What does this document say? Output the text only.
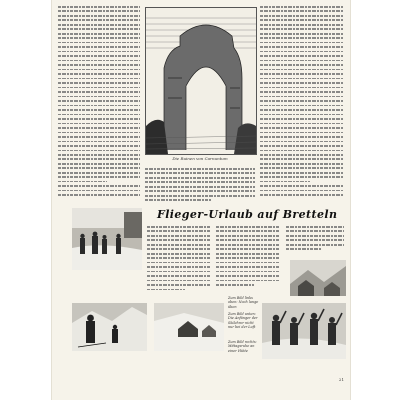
Die Ruinen von Carnuntum
Flieger-Urlaub auf Bretteln
Zum Bild links oben: Noch lange üben
Zum Bild unten: Die Anfänger der Skilehrer nicht nur bei der Luft
Zum Bild rechts: Mittagsruhe an einer Hütte
21
